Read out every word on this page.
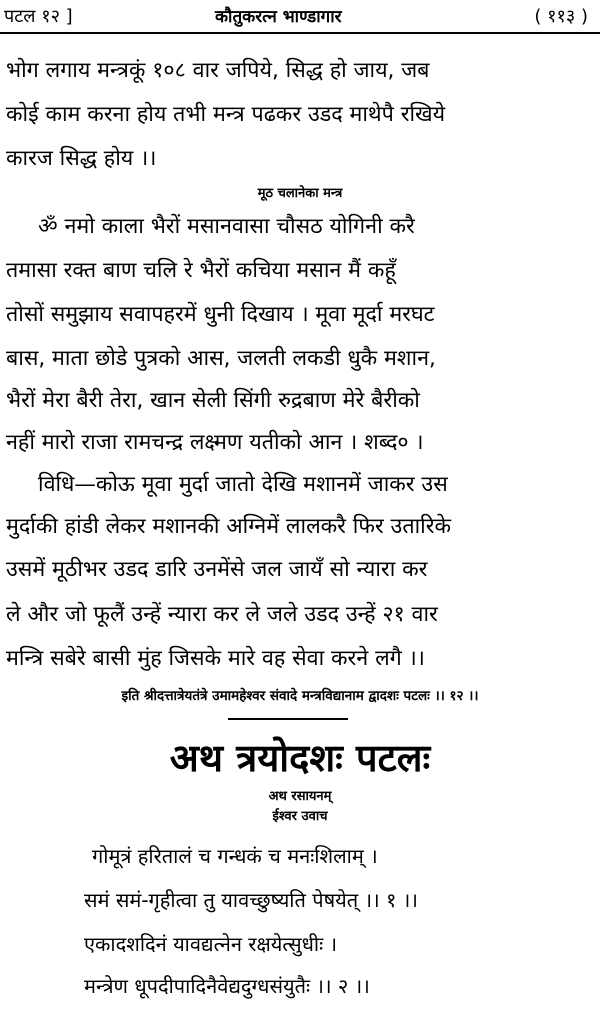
पटल १२ ]	कौतुकरत्न भाण्डागार	( ११३ )
भोग लगाय मन्त्रकूं १०८ वार जपिये, सिद्ध हो जाय, जब
कोई काम करना होय तभी मन्त्र पढकर उडद माथेपै रखिये
कारज सिद्ध होय ।।
मूठ चलानेका मन्त्र
ॐ नमो काला भैरों मसानवासा चौसठ योगिनी करै
तमासा रक्त बाण चलि रे भैरों कचिया मसान मैं कहूँ
तोसों समुझाय सवापहरमें धुनी दिखाय । मूवा मूर्दा मरघट
बास, माता छोडे पुत्रको आस, जलती लकडी धुकै मशान,
भैरों मेरा बैरी तेरा, खान सेली सिंगी रुद्रबाण मेरे बैरीको
नहीं मारो राजा रामचन्द्र लक्ष्मण यतीको आन । शब्द० ।
विधि—कोऊ मूवा मुर्दा जातो देखि मशानमें जाकर उस
मुर्दाकी हांडी लेकर मशानकी अग्निमें लालकरै फिर उतारिके
उसमें मूठीभर उडद डारि उनमेंसे जल जायँ सो न्यारा कर
ले और जो फूलैं उन्हें न्यारा कर ले जले उडद उन्हें २१ वार
मन्त्रि सबेरे बासी मुंह जिसके मारे वह सेवा करने लगै ।।
इति श्रीदत्तात्रेयतंत्रे उमामहेश्वर संवादे मन्त्रविद्यानाम द्वादशः पटलः ।। १२ ।।
अथ त्रयोदशः पटलः
अथ रसायनम्
ईश्वर उवाच
गोमूत्रं हरितालं च गन्धकं च मनःशिलाम् ।
समं समं-गृहीत्वा तु यावच्छुष्यति पेषयेत् ।। १ ।।
एकादशदिनं यावद्यत्नेन रक्षयेत्सुधीः ।
मन्त्रेण धूपदीपादिनैवेद्यदुग्धसंयुतैः ।। २ ।।
